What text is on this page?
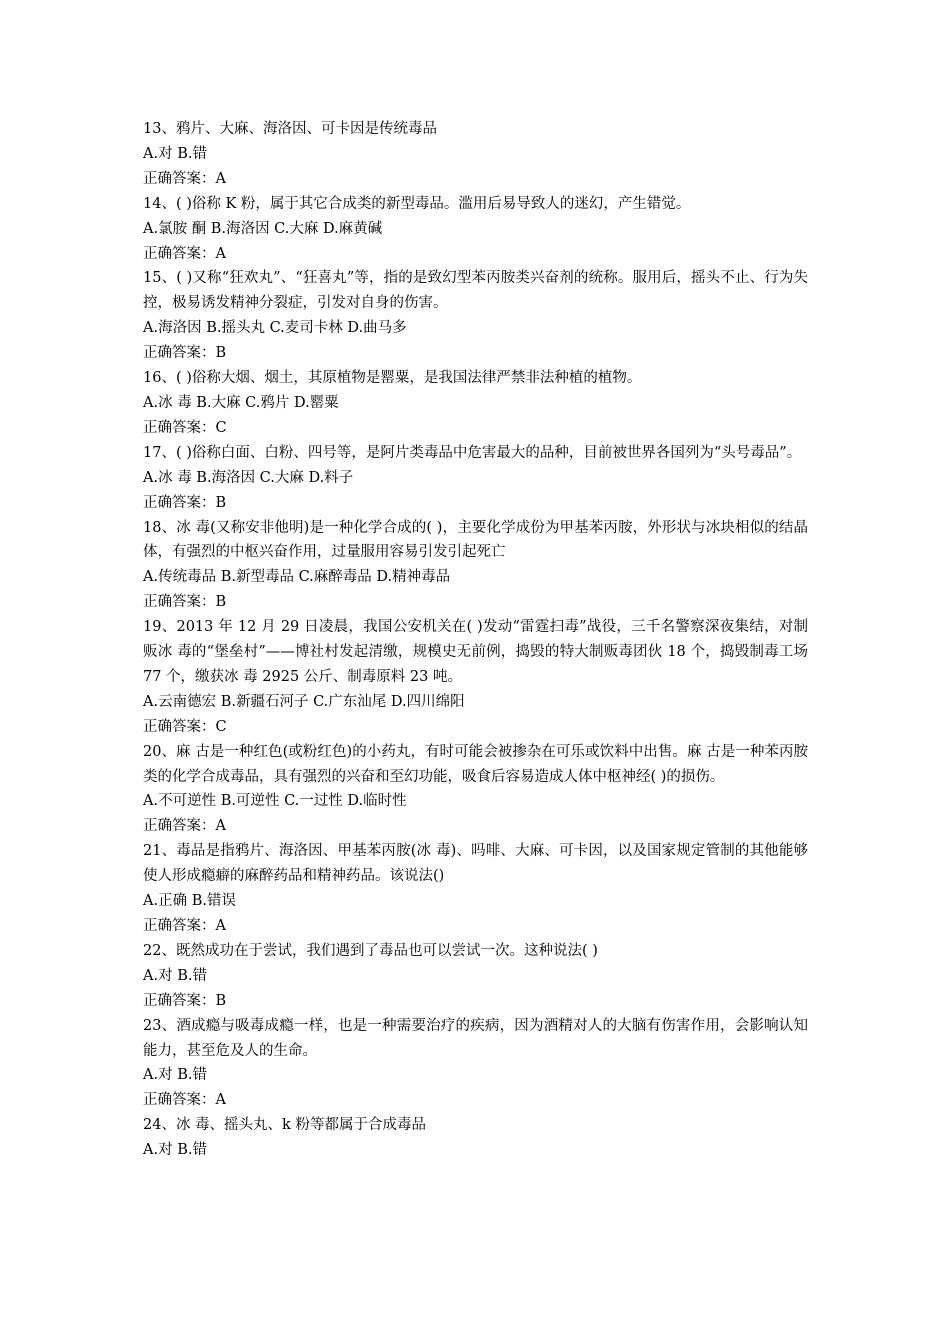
13、鸦片、大麻、海洛因、可卡因是传统毒品
A.对 B.错
正确答案：A
14、( )俗称 K 粉，属于其它合成类的新型毒品。滥用后易导致人的迷幻，产生错觉。
A.氯胺 酮 B.海洛因 C.大麻 D.麻黄碱
正确答案：A
15、( )又称“狂欢丸”、“狂喜丸”等，指的是致幻型苯丙胺类兴奋剂的统称。服用后，摇头不止、行为失控，极易诱发精神分裂症，引发对自身的伤害。
A.海洛因 B.摇头丸 C.麦司卡林 D.曲马多
正确答案：B
16、( )俗称大烟、烟土，其原植物是罂粟，是我国法律严禁非法种植的植物。
A.冰 毒 B.大麻 C.鸦片 D.罂粟
正确答案：C
17、( )俗称白面、白粉、四号等，是阿片类毒品中危害最大的品种，目前被世界各国列为“头号毒品”。
A.冰 毒 B.海洛因 C.大麻 D.料子
正确答案：B
18、冰 毒(又称安非他明)是一种化学合成的( )，主要化学成份为甲基苯丙胺，外形状与冰块相似的结晶体，有强烈的中枢兴奋作用，过量服用容易引发引起死亡
A.传统毒品 B.新型毒品 C.麻醉毒品 D.精神毒品
正确答案：B
19、2013 年 12 月 29 日凌晨，我国公安机关在( )发动“雷霆扫毒”战役，三千名警察深夜集结，对制贩冰 毒的“堡垒村”——博社村发起清缴，规模史无前例，捣毁的特大制贩毒团伙 18 个，捣毁制毒工场 77 个，缴获冰 毒 2925 公斤、制毒原料 23 吨。
A.云南德宏 B.新疆石河子 C.广东汕尾 D.四川绵阳
正确答案：C
20、麻 古是一种红色(或粉红色)的小药丸，有时可能会被掺杂在可乐或饮料中出售。麻 古是一种苯丙胺类的化学合成毒品，具有强烈的兴奋和至幻功能，吸食后容易造成人体中枢神经( )的损伤。
A.不可逆性 B.可逆性 C.一过性 D.临时性
正确答案：A
21、毒品是指鸦片、海洛因、甲基苯丙胺(冰 毒)、吗啡、大麻、可卡因，以及国家规定管制的其他能够使人形成瘾癖的麻醉药品和精神药品。该说法()
A.正确 B.错误
正确答案：A
22、既然成功在于尝试，我们遇到了毒品也可以尝试一次。这种说法( )
A.对 B.错
正确答案：B
23、酒成瘾与吸毒成瘾一样，也是一种需要治疗的疾病，因为酒精对人的大脑有伤害作用，会影响认知能力，甚至危及人的生命。
A.对 B.错
正确答案：A
24、冰 毒、摇头丸、k 粉等都属于合成毒品
A.对 B.错
